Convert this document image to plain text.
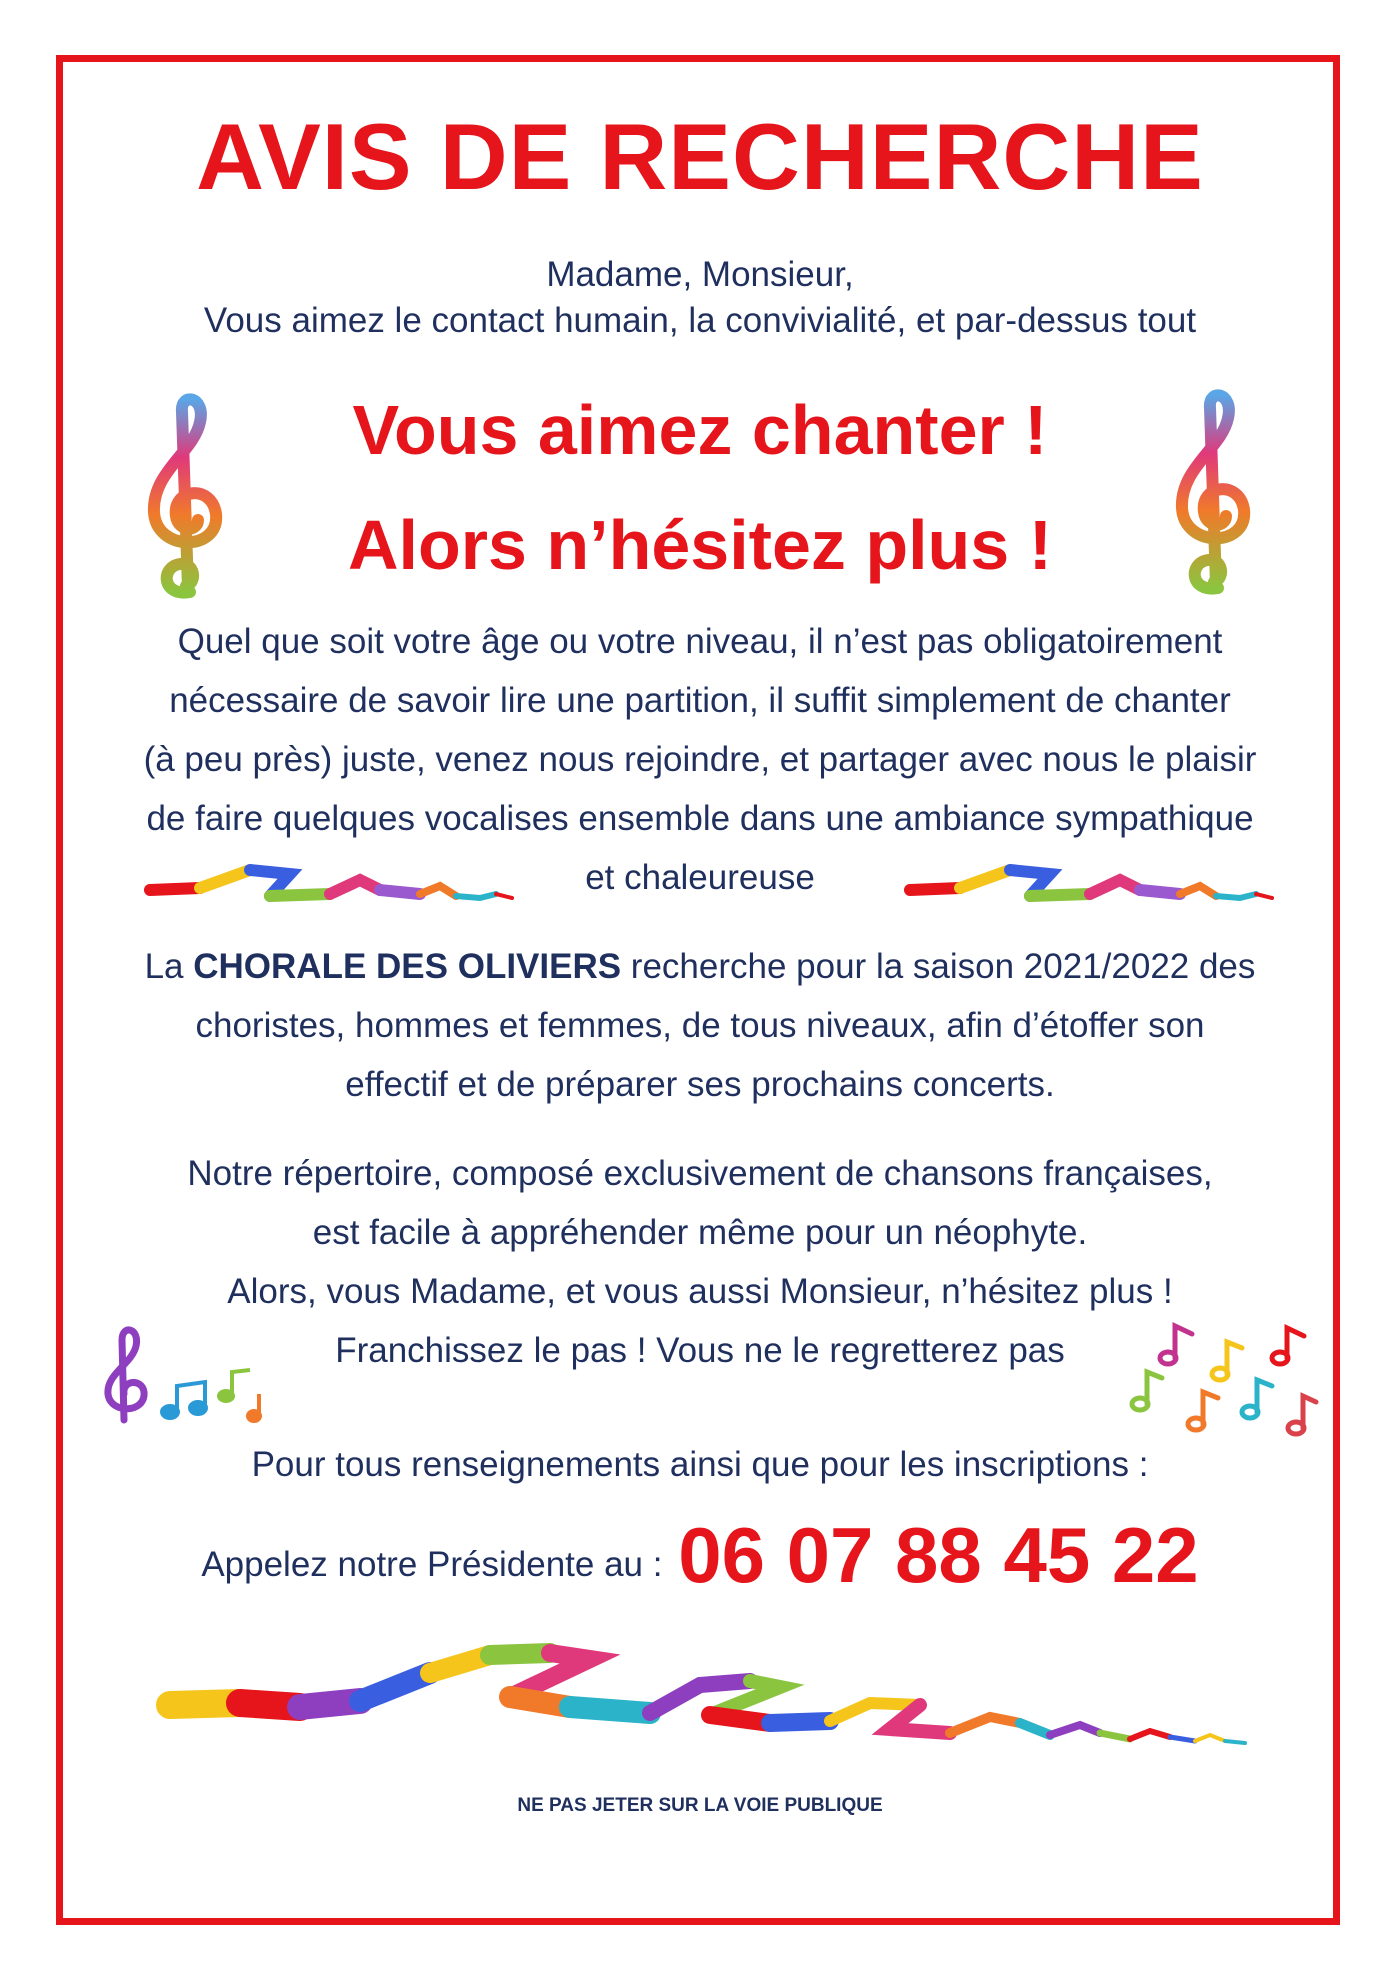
AVIS DE RECHERCHE
Madame, Monsieur,
Vous aimez le contact humain, la convivialité, et par-dessus tout
Vous aimez chanter !
Alors n’hésitez plus !
Quel que soit votre âge ou votre niveau, il n’est pas obligatoirement
nécessaire de savoir lire une partition, il suffit simplement de chanter
(à peu près) juste, venez nous rejoindre, et partager avec nous le plaisir
de faire quelques vocalises ensemble dans une ambiance sympathique
et chaleureuse
La CHORALE DES OLIVIERS recherche pour la saison 2021/2022 des
choristes, hommes et femmes, de tous niveaux, afin d’étoffer son
effectif et de préparer ses prochains concerts.
Notre répertoire, composé exclusivement de chansons françaises,
est facile à appréhender même pour un néophyte.
Alors, vous Madame, et vous aussi Monsieur, n’hésitez plus !
Franchissez le pas ! Vous ne le regretterez pas
Pour tous renseignements ainsi que pour les inscriptions :
Appelez notre Présidente au : 06 07 88 45 22
NE PAS JETER SUR LA VOIE PUBLIQUE
